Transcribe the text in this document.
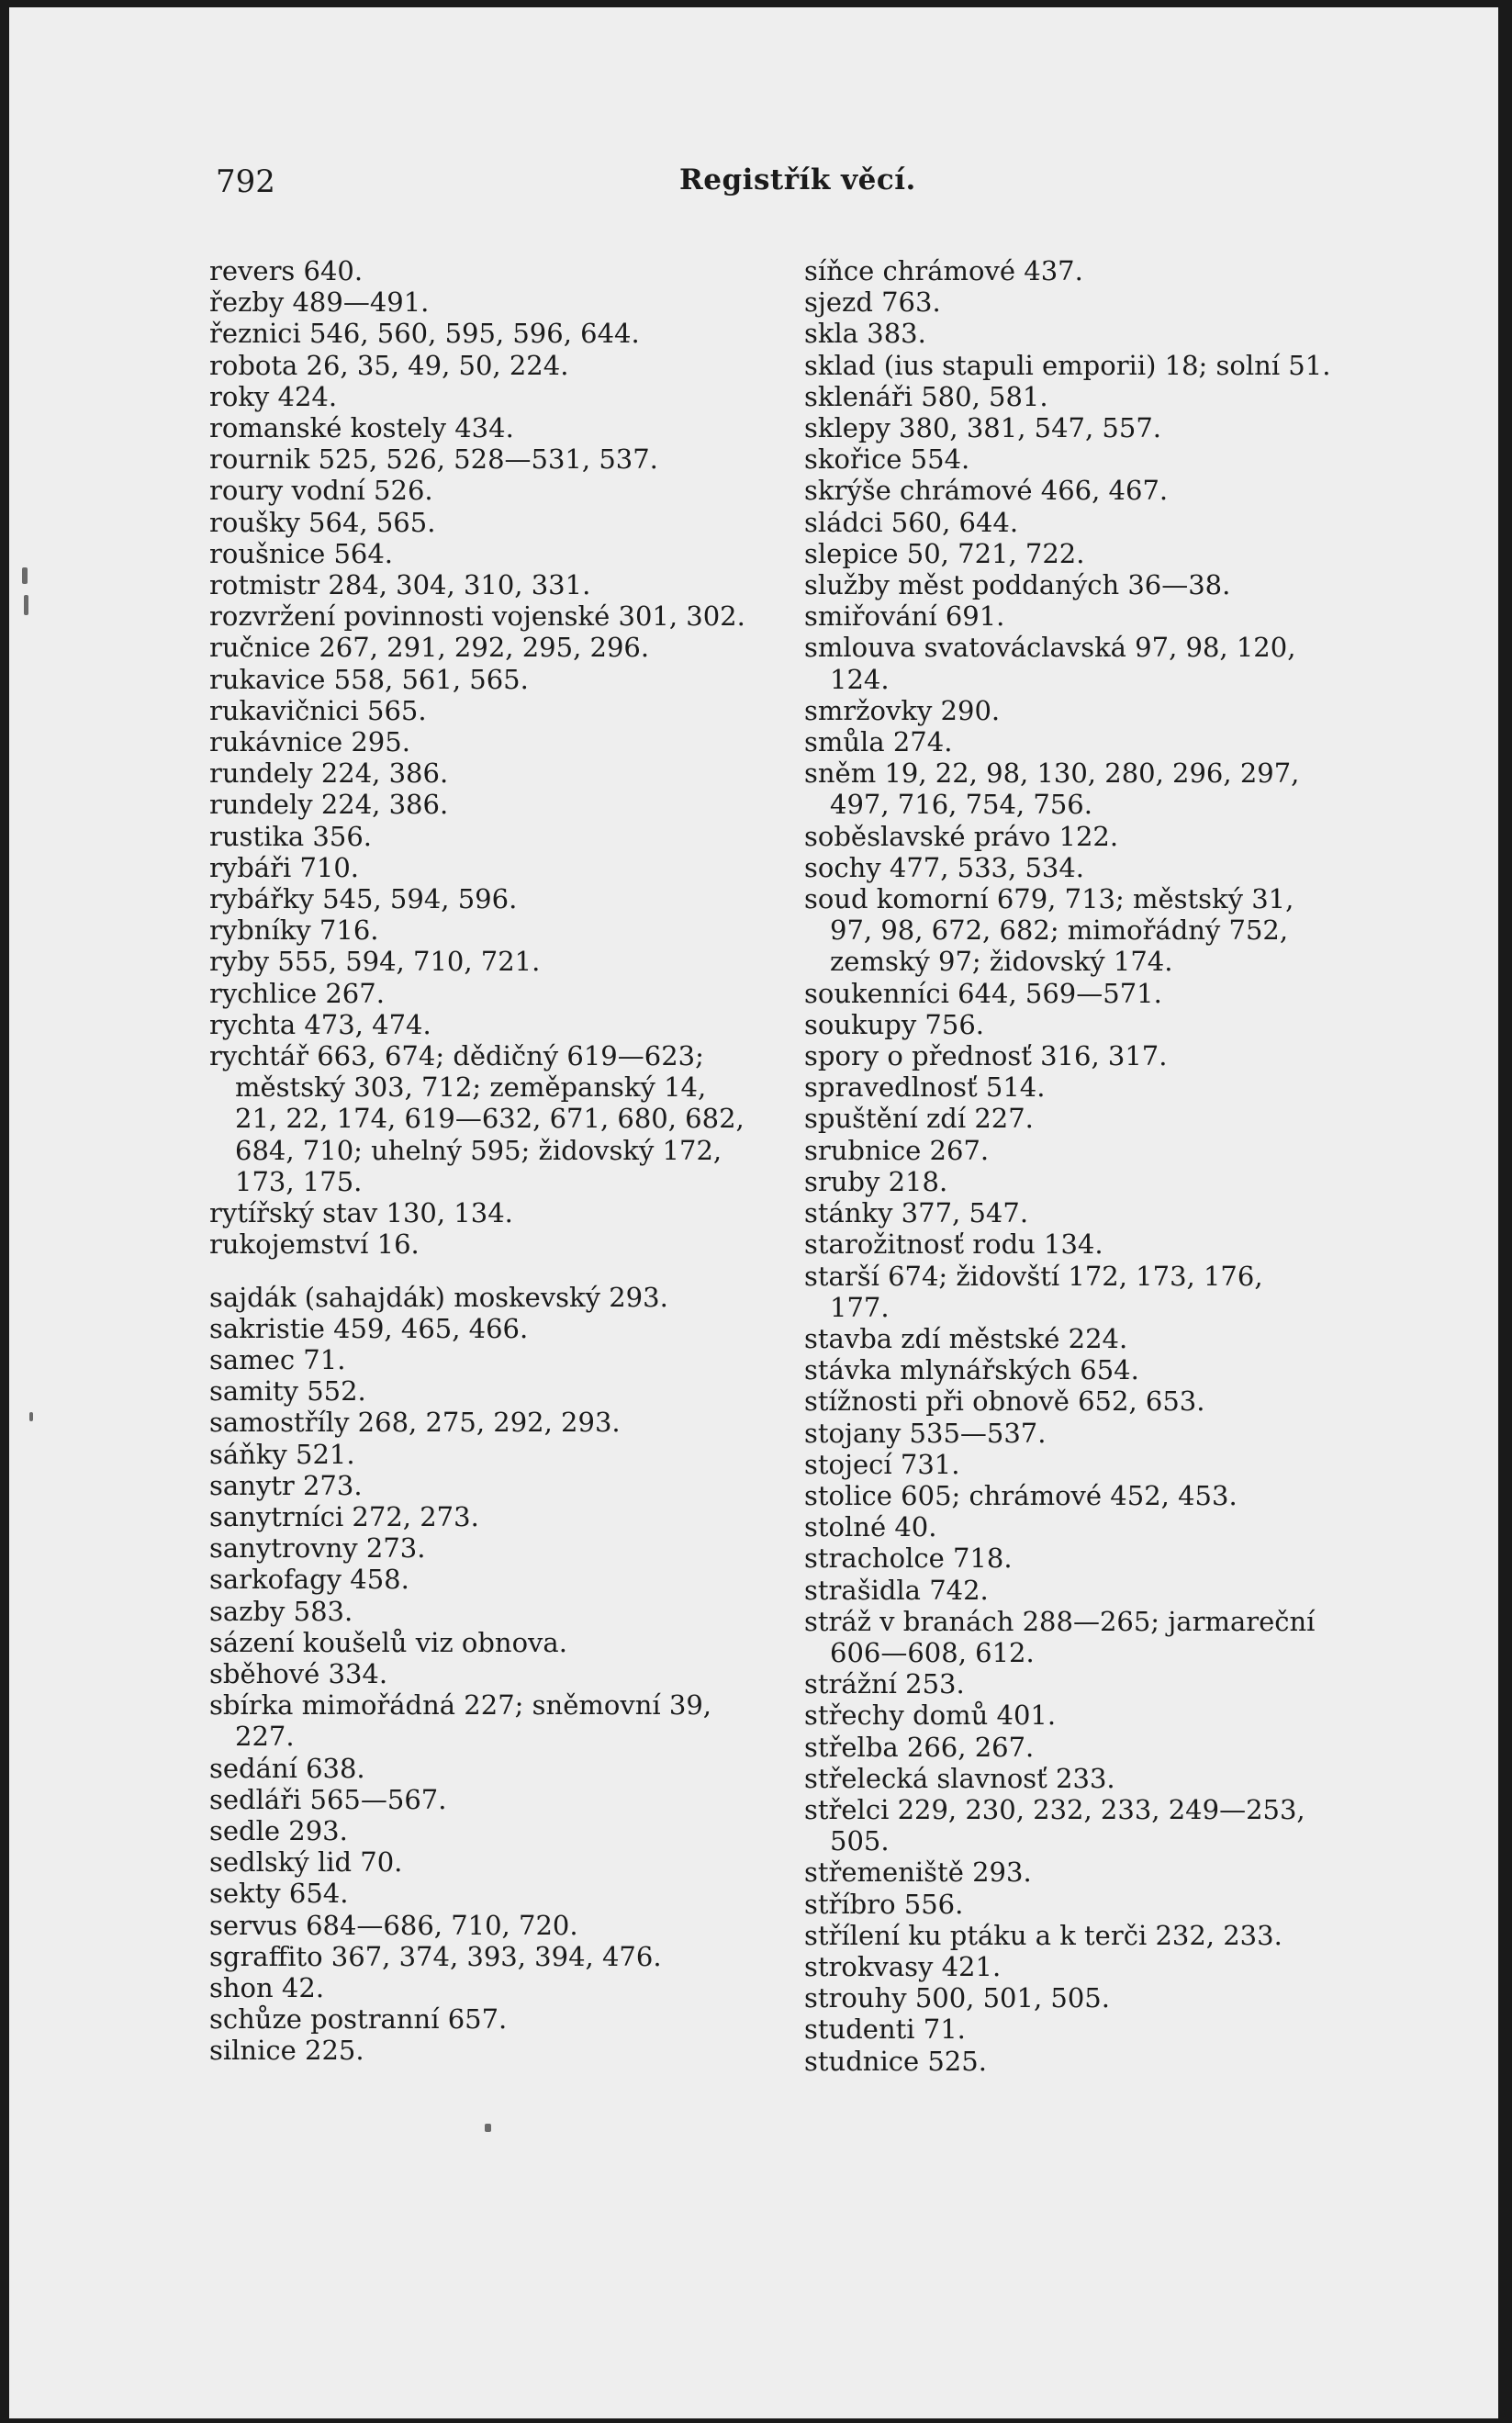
792	Registřík věcí.
revers 640.
řezby 489—491.
řeznici 546, 560, 595, 596, 644.
robota 26, 35, 49, 50, 224.
roky 424.
romanské kostely 434.
rournik 525, 526, 528—531, 537.
roury vodní 526.
roušky 564, 565.
roušnice 564.
rotmistr 284, 304, 310, 331.
rozvržení povinnosti vojenské 301, 302.
ručnice 267, 291, 292, 295, 296.
rukavice 558, 561, 565.
rukavičnici 565.
rukávnice 295.
rundely 224, 386.
rundely 224, 386.
rustika 356.
rybáři 710.
rybářky 545, 594, 596.
rybníky 716.
ryby 555, 594, 710, 721.
rychlice 267.
rychta 473, 474.
rychtář 663, 674; dědičný 619—623;
městský 303, 712; zeměpanský 14,
21, 22, 174, 619—632, 671, 680, 682,
684, 710; uhelný 595; židovský 172,
173, 175.
rytířský stav 130, 134.
rukojemství 16.
sajdák (sahajdák) moskevský 293.
sakristie 459, 465, 466.
samec 71.
samity 552.
samostříly 268, 275, 292, 293.
sáňky 521.
sanytr 273.
sanytrníci 272, 273.
sanytrovny 273.
sarkofagy 458.
sazby 583.
sázení koušelů viz obnova.
sběhové 334.
sbírka mimořádná 227; sněmovní 39,
227.
sedání 638.
sedláři 565—567.
sedle 293.
sedlský lid 70.
sekty 654.
servus 684—686, 710, 720.
sgraffito 367, 374, 393, 394, 476.
shon 42.
schůze postranní 657.
silnice 225.
síňce chrámové 437.
sjezd 763.
skla 383.
sklad (ius stapuli emporii) 18; solní 51.
sklenáři 580, 581.
sklepy 380, 381, 547, 557.
skořice 554.
skrýše chrámové 466, 467.
sládci 560, 644.
slepice 50, 721, 722.
služby měst poddaných 36—38.
smiřování 691.
smlouva svatováclavská 97, 98, 120,
124.
smržovky 290.
smůla 274.
sněm 19, 22, 98, 130, 280, 296, 297,
497, 716, 754, 756.
soběslavské právo 122.
sochy 477, 533, 534.
soud komorní 679, 713; městský 31,
97, 98, 672, 682; mimořádný 752,
zemský 97; židovský 174.
soukenníci 644, 569—571.
soukupy 756.
spory o přednosť 316, 317.
spravedlnosť 514.
spuštění zdí 227.
srubnice 267.
sruby 218.
stánky 377, 547.
starožitnosť rodu 134.
starší 674; židovští 172, 173, 176,
177.
stavba zdí městské 224.
stávka mlynářských 654.
stížnosti při obnově 652, 653.
stojany 535—537.
stojecí 731.
stolice 605; chrámové 452, 453.
stolné 40.
stracholce 718.
strašidla 742.
stráž v branách 288—265; jarmareční
606—608, 612.
strážní 253.
střechy domů 401.
střelba 266, 267.
střelecká slavnosť 233.
střelci 229, 230, 232, 233, 249—253,
505.
střemeniště 293.
stříbro 556.
střílení ku ptáku a k terči 232, 233.
strokvasy 421.
strouhy 500, 501, 505.
studenti 71.
studnice 525.
